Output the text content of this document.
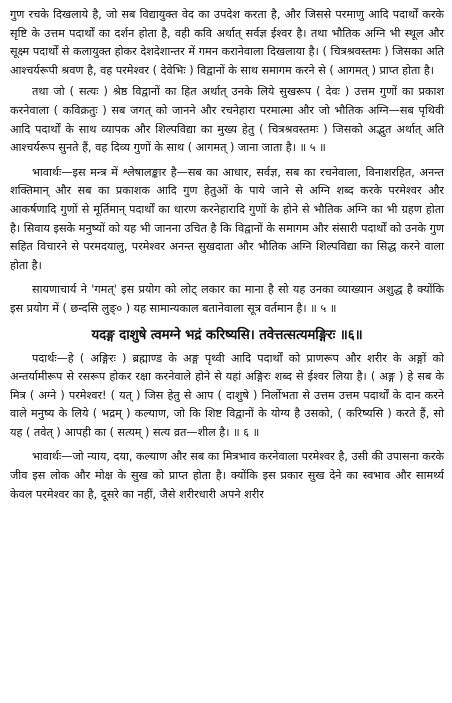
गुण रचके दिखलाये है, जो सब विद्यायुक्त वेद का उपदेश करता है, और जिससे परमाणु आदि पदार्थों करके सृष्टि के उत्तम पदार्थों का दर्शन होता है, वही कवि अर्थात् सर्वज्ञ ईश्वर है। तथा भौतिक अग्नि भी स्थूल और सूक्ष्म पदार्थों से कलायुक्त होकर देशदेशान्तर में गमन करानेवाला दिखलाया है। ( चित्रश्रवस्तमः ) जिसका अति आश्चर्यरूपी श्रवण है, वह परमेश्वर ( देवेभिः ) विद्वानों के साथ समागम करने से ( आगमत् ) प्राप्त होता है।

तथा जो ( सत्यः ) श्रेष्ठ विद्वानों का हित अर्थात् उनके लिये सुखरूप ( देवः ) उत्तम गुणों का प्रकाश करनेवाला ( कविक्रतुः ) सब जगत् को जानने और रचनेहारा परमात्मा और जो भौतिक अग्नि—सब पृथिवी आदि पदार्थों के साथ व्यापक और शिल्पविद्या का मुख्य हेतु ( चित्रश्रवस्तमः ) जिसको अद्भुत अर्थात् अति आश्चर्यरूप सुनते हैं, वह दिव्य गुणों के साथ ( आगमत् ) जाना जाता है। ॥ ५ ॥

भावार्थः—इस मन्त्र में श्लेषालङ्कार है—सब का आधार, सर्वज्ञ, सब का रचनेवाला, विनाशरहित, अनन्त शक्तिमान् और सब का प्रकाशक आदि गुण हेतुओं के पाये जाने से अग्नि शब्द करके परमेश्वर और आकर्षणादि गुणों से मूर्तिमान् पदार्थों का धारण करनेहारादि गुणों के होने से भौतिक अग्नि का भी ग्रहण होता है। सिवाय इसके मनुष्यों को यह भी जानना उचित है कि विद्वानों के समागम और संसारी पदार्थों को उनके गुण सहित विचारने से परमदयालु, परमेश्वर अनन्त सुखदाता और भौतिक अग्नि शिल्पविद्या का सिद्ध करने वाला होता है।

सायणाचार्य ने 'गमत्' इस प्रयोग को लोट् लकार का माना है सो यह उनका व्याख्यान अशुद्ध है क्योंकि इस प्रयोग में ( छन्दसि लुङ्० ) यह सामान्यकाल बतानेवाला सूत्र वर्तमान है। ॥ ५ ॥

यदङ्ग दाशुषे त्वमग्ने भद्रं करिष्यसि। तवेत्तत्सत्यमङ्गिरः ॥६॥

पदार्थः—हे ( अङ्गिरः ) ब्रह्माण्ड के अङ्ग पृथ्वी आदि पदार्थों को प्राणरूप और शरीर के अङ्गों को अन्तर्यामीरूप से रसरूप होकर रक्षा करनेवाले होने से यहां अङ्गिरः शब्द से ईश्वर लिया है। ( अङ्ग ) हे सब के मित्र ( अग्ने ) परमेश्वर! ( यत् ) जिस हेतु से आप ( दाशुषे ) निर्लोभता से उत्तम उत्तम पदार्थों के दान करने वाले मनुष्य के लिये ( भद्रम् ) कल्याण, जो कि शिष्ट विद्वानों के योग्य है उसको, ( करिष्यसि ) करते हैं, सो यह ( तवेत् ) आपही का ( सत्यम् ) सत्य व्रत—शील है। ॥ ६ ॥

भावार्थः—जो न्याय, दया, कल्याण और सब का मित्रभाव करनेवाला परमेश्वर है, उसी की उपासना करके जीव इस लोक और मोक्ष के सुख को प्राप्त होता है। क्योंकि इस प्रकार सुख देने का स्वभाव और सामर्थ्य केवल परमेश्वर का है, दूसरे का नहीं, जैसे शरीरधारी अपने शरीर
